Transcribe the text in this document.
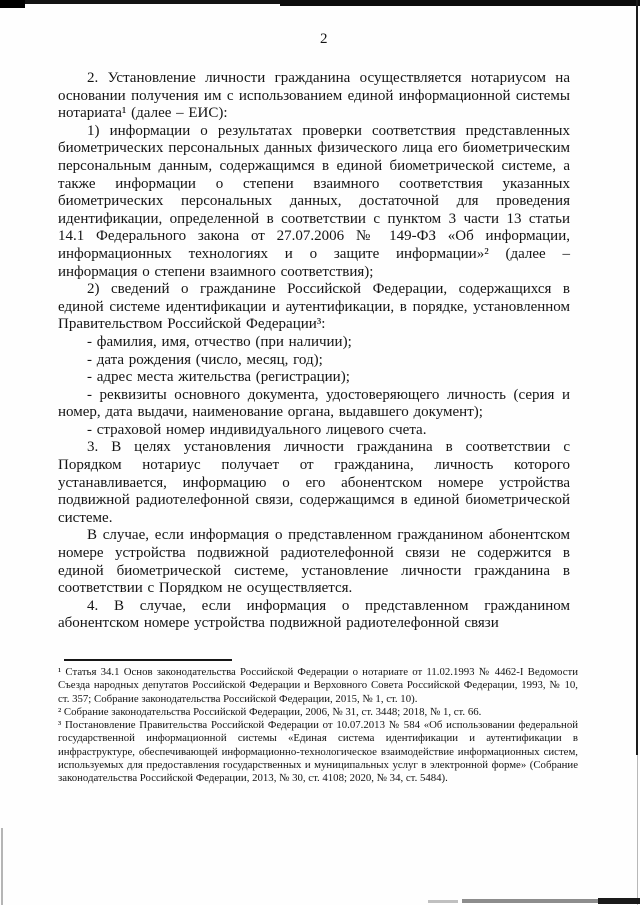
2

2. Установление личности гражданина осуществляется нотариусом на основании получения им с использованием единой информационной системы нотариата¹ (далее – ЕИС):

1) информации о результатах проверки соответствия представленных биометрических персональных данных физического лица его биометрическим персональным данным, содержащимся в единой биометрической системе, а также информации о степени взаимного соответствия указанных биометрических персональных данных, достаточной для проведения идентификации, определенной в соответствии с пунктом 3 части 13 статьи 14.1 Федерального закона от 27.07.2006 № 149-ФЗ «Об информации, информационных технологиях и о защите информации»² (далее – информация о степени взаимного соответствия);

2) сведений о гражданине Российской Федерации, содержащихся в единой системе идентификации и аутентификации, в порядке, установленном Правительством Российской Федерации³:

- фамилия, имя, отчество (при наличии);

- дата рождения (число, месяц, год);

- адрес места жительства (регистрации);

- реквизиты основного документа, удостоверяющего личность (серия и номер, дата выдачи, наименование органа, выдавшего документ);

- страховой номер индивидуального лицевого счета.

3. В целях установления личности гражданина в соответствии с Порядком нотариус получает от гражданина, личность которого устанавливается, информацию о его абонентском номере устройства подвижной радиотелефонной связи, содержащимся в единой биометрической системе.

В случае, если информация о представленном гражданином абонентском номере устройства подвижной радиотелефонной связи не содержится в единой биометрической системе, установление личности гражданина в соответствии с Порядком не осуществляется.

4. В случае, если информация о представленном гражданином абонентском номере устройства подвижной радиотелефонной связи

¹ Статья 34.1 Основ законодательства Российской Федерации о нотариате от 11.02.1993 № 4462-I Ведомости Съезда народных депутатов Российской Федерации и Верховного Совета Российской Федерации, 1993, № 10, ст. 357; Собрание законодательства Российской Федерации, 2015, № 1, ст. 10).

² Собрание законодательства Российской Федерации, 2006, № 31, ст. 3448; 2018, № 1, ст. 66.

³ Постановление Правительства Российской Федерации от 10.07.2013 № 584 «Об использовании федеральной государственной информационной системы «Единая система идентификации и аутентификации в инфраструктуре, обеспечивающей информационно-технологическое взаимодействие информационных систем, используемых для предоставления государственных и муниципальных услуг в электронной форме» (Собрание законодательства Российской Федерации, 2013, № 30, ст. 4108; 2020, № 34, ст. 5484).
